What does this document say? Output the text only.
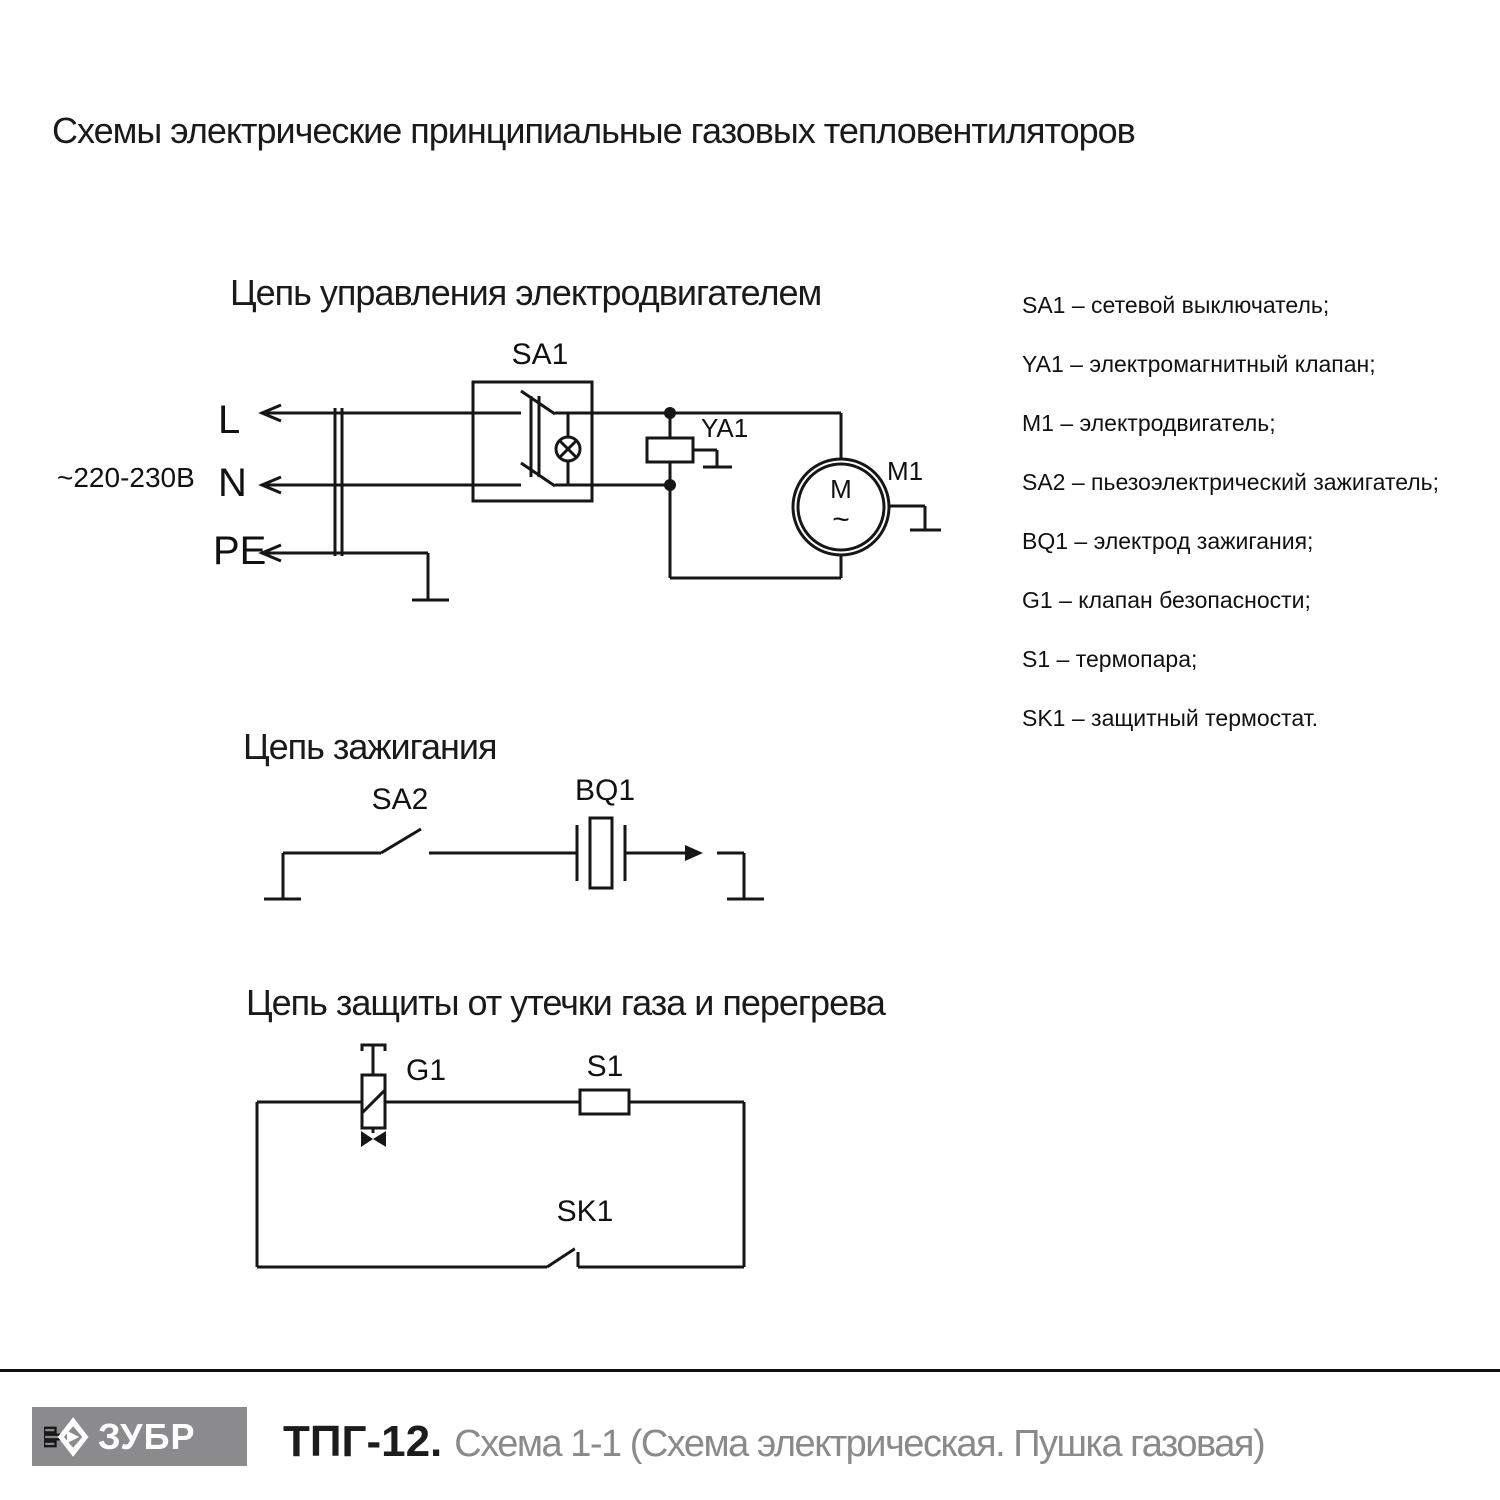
Схемы электрические принципиальные газовых тепловентиляторов
Цепь управления электродвигателем
~220-230В
L
N
PE
SA1
YA1
M1
M
~
Цепь зажигания
SA2	BQ1
Цепь защиты от утечки газа и перегрева
G1	S1
SK1
SA1 – сетевой выключатель;
YA1 – электромагнитный клапан;
M1 – электродвигатель;
SA2 – пьезоэлектрический зажигатель;
BQ1 – электрод зажигания;
G1 – клапан безопасности;
S1 – термопара;
SK1 – защитный термостат.
ЗУБР ТПГ-12. Схема 1-1 (Схема электрическая. Пушка газовая)
